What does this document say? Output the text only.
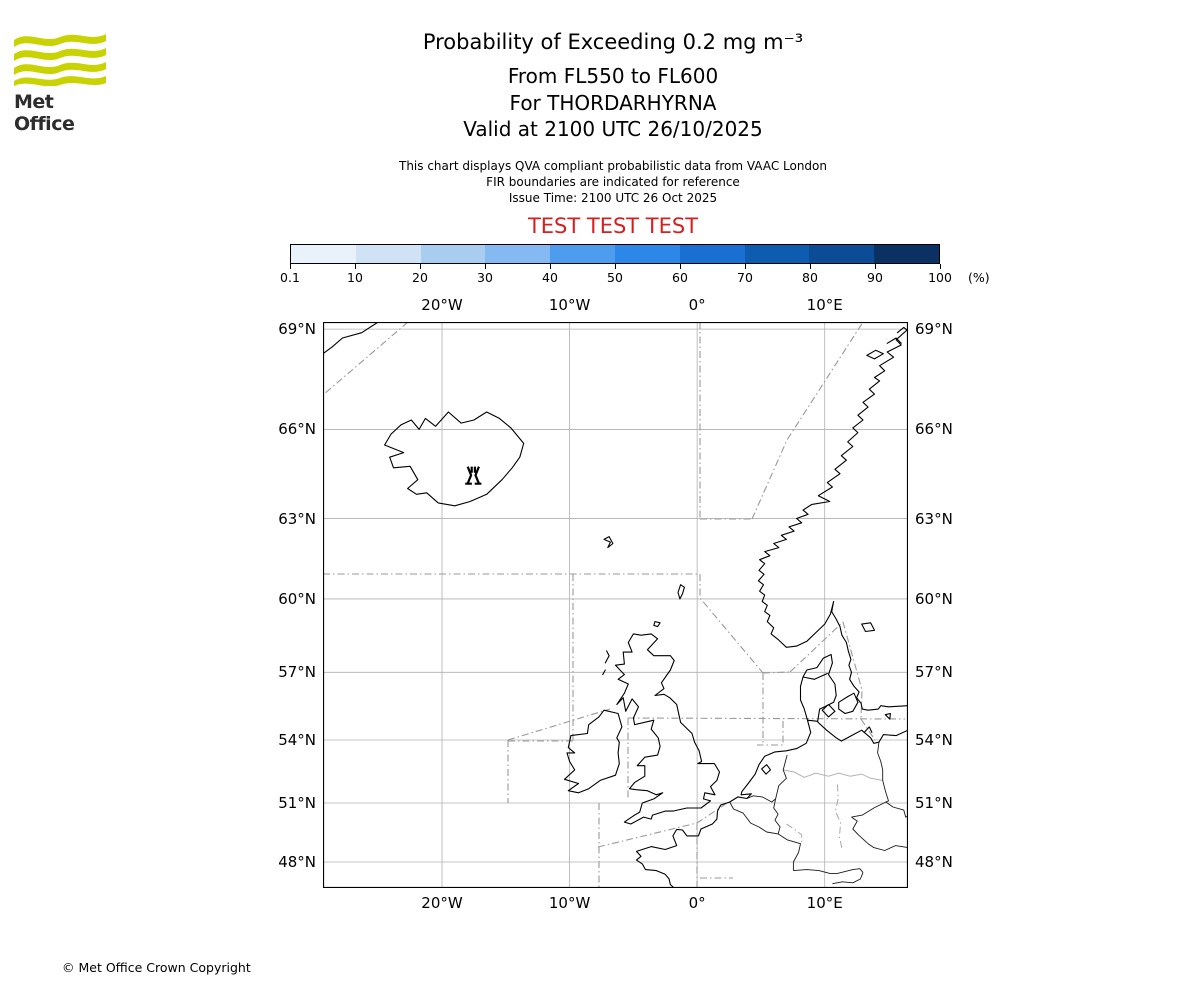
Met Office
Probability of Exceeding 0.2 mg m⁻³
From FL550 to FL600
For THORDARHYRNA
Valid at 2100 UTC 26/10/2025
This chart displays QVA compliant probabilistic data from VAAC London
FIR boundaries are indicated for reference
Issue Time: 2100 UTC 26 Oct 2025
TEST TEST TEST
0.1	10	20	30	40	50	60	70	80	90	100 (%)
20°W
20°W
10°W
10°W
0°
0°
10°E
10°E
69°N	69°N
66°N	66°N
63°N	63°N
60°N	60°N
57°N	57°N
54°N	54°N
51°N	51°N
48°N	48°N
© Met Office Crown Copyright
